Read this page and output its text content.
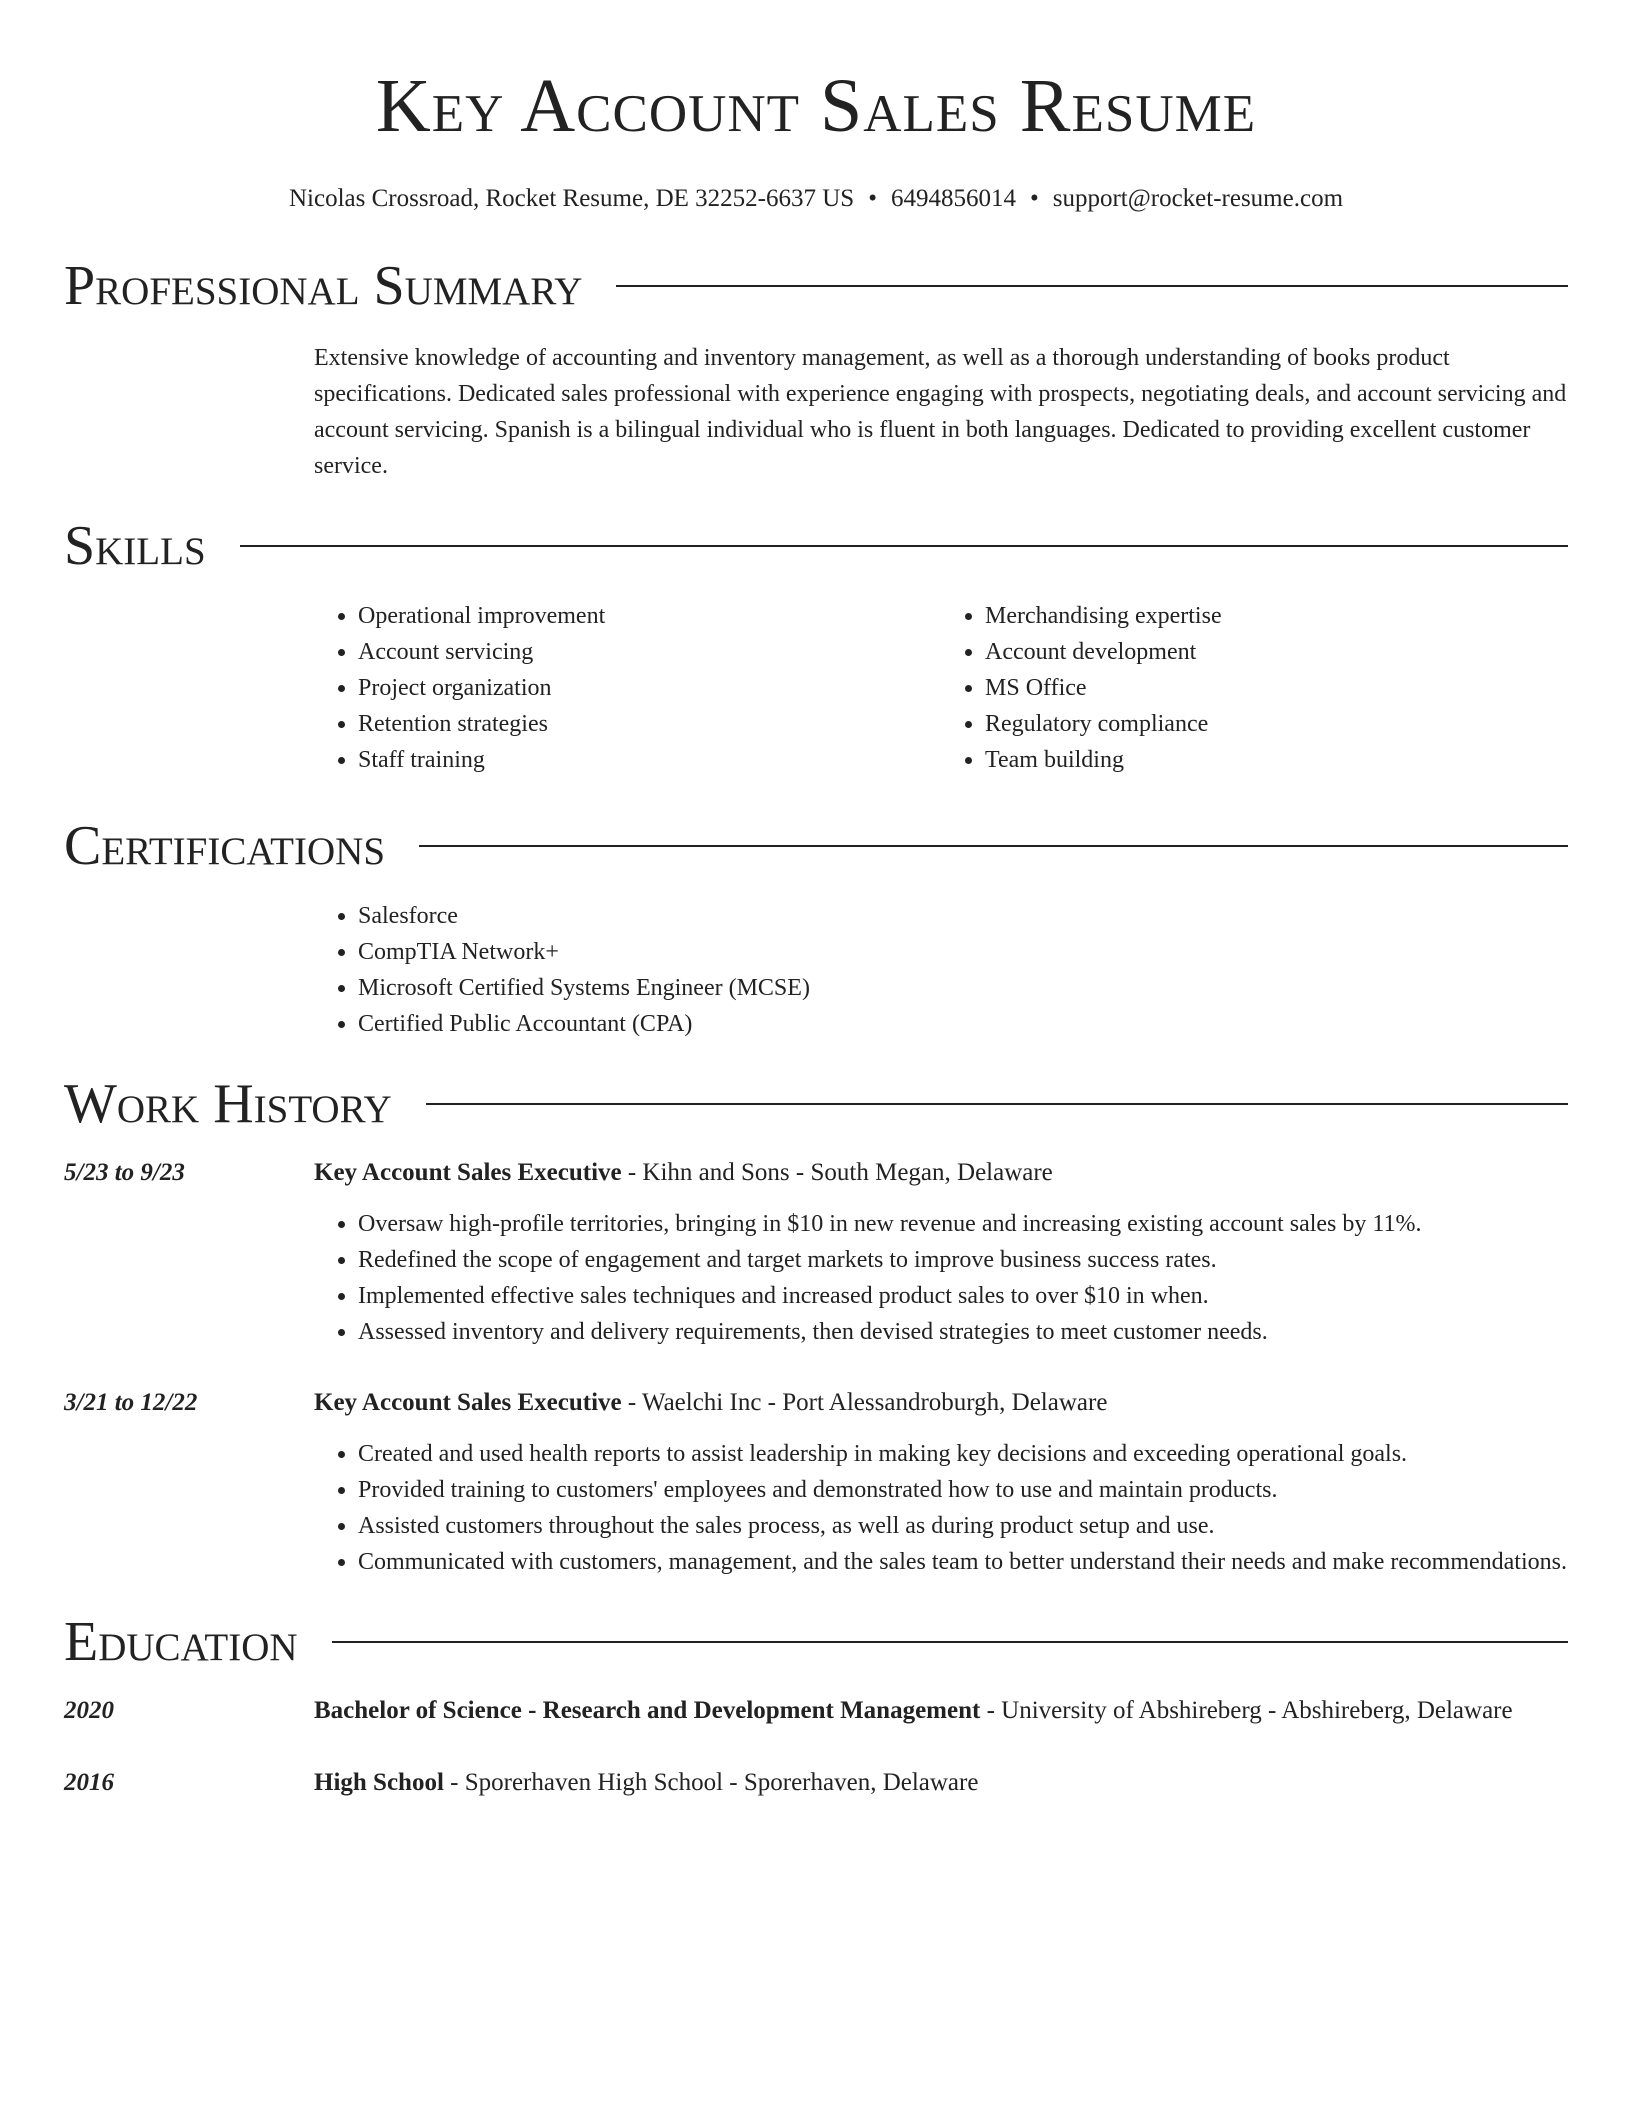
Key Account Sales Resume
Nicolas Crossroad, Rocket Resume, DE 32252-6637 US • 6494856014 • support@rocket-resume.com
Professional Summary
Extensive knowledge of accounting and inventory management, as well as a thorough understanding of books product specifications. Dedicated sales professional with experience engaging with prospects, negotiating deals, and account servicing and account servicing. Spanish is a bilingual individual who is fluent in both languages. Dedicated to providing excellent customer service.
Skills
• Operational improvement
• Account servicing
• Project organization
• Retention strategies
• Staff training
• Merchandising expertise
• Account development
• MS Office
• Regulatory compliance
• Team building
Certifications
• Salesforce
• CompTIA Network+
• Microsoft Certified Systems Engineer (MCSE)
• Certified Public Accountant (CPA)
Work History
5/23 to 9/23	Key Account Sales Executive - Kihn and Sons - South Megan, Delaware
• Oversaw high-profile territories, bringing in $10 in new revenue and increasing existing account sales by 11%.
• Redefined the scope of engagement and target markets to improve business success rates.
• Implemented effective sales techniques and increased product sales to over $10 in when.
• Assessed inventory and delivery requirements, then devised strategies to meet customer needs.
3/21 to 12/22	Key Account Sales Executive - Waelchi Inc - Port Alessandroburgh, Delaware
• Created and used health reports to assist leadership in making key decisions and exceeding operational goals.
• Provided training to customers' employees and demonstrated how to use and maintain products.
• Assisted customers throughout the sales process, as well as during product setup and use.
• Communicated with customers, management, and the sales team to better understand their needs and make recommendations.
Education
2020	Bachelor of Science - Research and Development Management - University of Abshireberg - Abshireberg, Delaware
2016	High School - Sporerhaven High School - Sporerhaven, Delaware
